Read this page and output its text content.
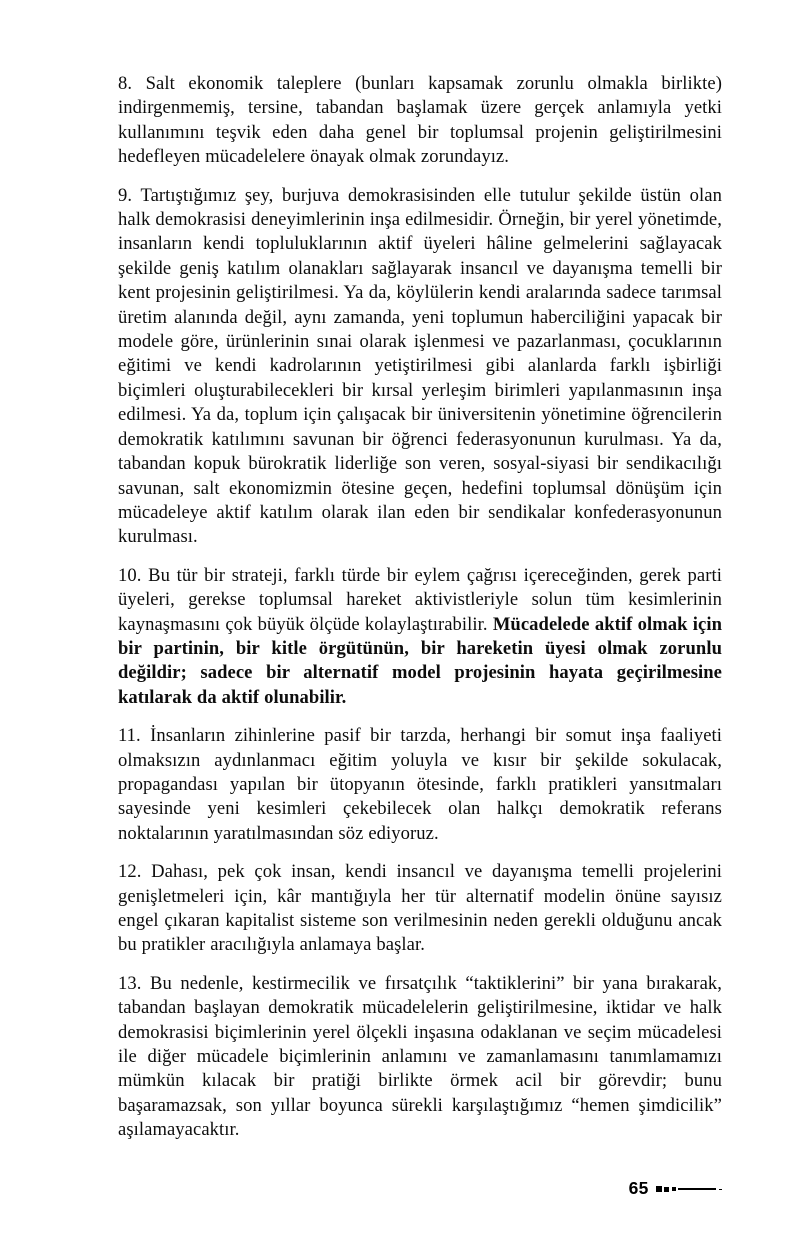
8. Salt ekonomik taleplere (bunları kapsamak zorunlu olmakla birlikte) indirgenmemiş, tersine, tabandan başlamak üzere gerçek anlamıyla yetki kullanımını teşvik eden daha genel bir toplumsal projenin geliştirilmesini hedefleyen mücadelelere önayak olmak zorundayız.

9. Tartıştığımız şey, burjuva demokrasisinden elle tutulur şekilde üstün olan halk demokrasisi deneyimlerinin inşa edilmesidir. Örneğin, bir yerel yönetimde, insanların kendi topluluklarının aktif üyeleri hâline gelmelerini sağlayacak şekilde geniş katılım olanakları sağlayarak insancıl ve dayanışma temelli bir kent projesinin geliştirilmesi. Ya da, köylülerin kendi aralarında sadece tarımsal üretim alanında değil, aynı zamanda, yeni toplumun haberciliğini yapacak bir modele göre, ürünlerinin sınai olarak işlenmesi ve pazarlanması, çocuklarının eğitimi ve kendi kadrolarının yetiştirilmesi gibi alanlarda farklı işbirliği biçimleri oluşturabilecekleri bir kırsal yerleşim birimleri yapılanmasının inşa edilmesi. Ya da, toplum için çalışacak bir üniversitenin yönetimine öğrencilerin demokratik katılımını savunan bir öğrenci federasyonunun kurulması. Ya da, tabandan kopuk bürokratik liderliğe son veren, sosyal-siyasi bir sendikacılığı savunan, salt ekonomizmin ötesine geçen, hedefini toplumsal dönüşüm için mücadeleye aktif katılım olarak ilan eden bir sendikalar konfederasyonunun kurulması.

10. Bu tür bir strateji, farklı türde bir eylem çağrısı içereceğinden, gerek parti üyeleri, gerekse toplumsal hareket aktivistleriyle solun tüm kesimlerinin kaynaşmasını çok büyük ölçüde kolaylaştırabilir. Mücadelede aktif olmak için bir partinin, bir kitle örgütünün, bir hareketin üyesi olmak zorunlu değildir; sadece bir alternatif model projesinin hayata geçirilmesine katılarak da aktif olunabilir.

11. İnsanların zihinlerine pasif bir tarzda, herhangi bir somut inşa faaliyeti olmaksızın aydınlanmacı eğitim yoluyla ve kısır bir şekilde sokulacak, propagandası yapılan bir ütopyanın ötesinde, farklı pratikleri yansıtmaları sayesinde yeni kesimleri çekebilecek olan halkçı demokratik referans noktalarının yaratılmasından söz ediyoruz.

12. Dahası, pek çok insan, kendi insancıl ve dayanışma temelli projelerini genişletmeleri için, kâr mantığıyla her tür alternatif modelin önüne sayısız engel çıkaran kapitalist sisteme son verilmesinin neden gerekli olduğunu ancak bu pratikler aracılığıyla anlamaya başlar.

13. Bu nedenle, kestirmecilik ve fırsatçılık “taktiklerini” bir yana bırakarak, tabandan başlayan demokratik mücadelelerin geliştirilmesine, iktidar ve halk demokrasisi biçimlerinin yerel ölçekli inşasına odaklanan ve seçim mücadelesi ile diğer mücadele biçimlerinin anlamını ve zamanlamasını tanımlamamızı mümkün kılacak bir pratiği birlikte örmek acil bir görevdir; bunu başaramazsak, son yıllar boyunca sürekli karşılaştığımız “hemen şimdicilik” aşılamayacaktır.

65
